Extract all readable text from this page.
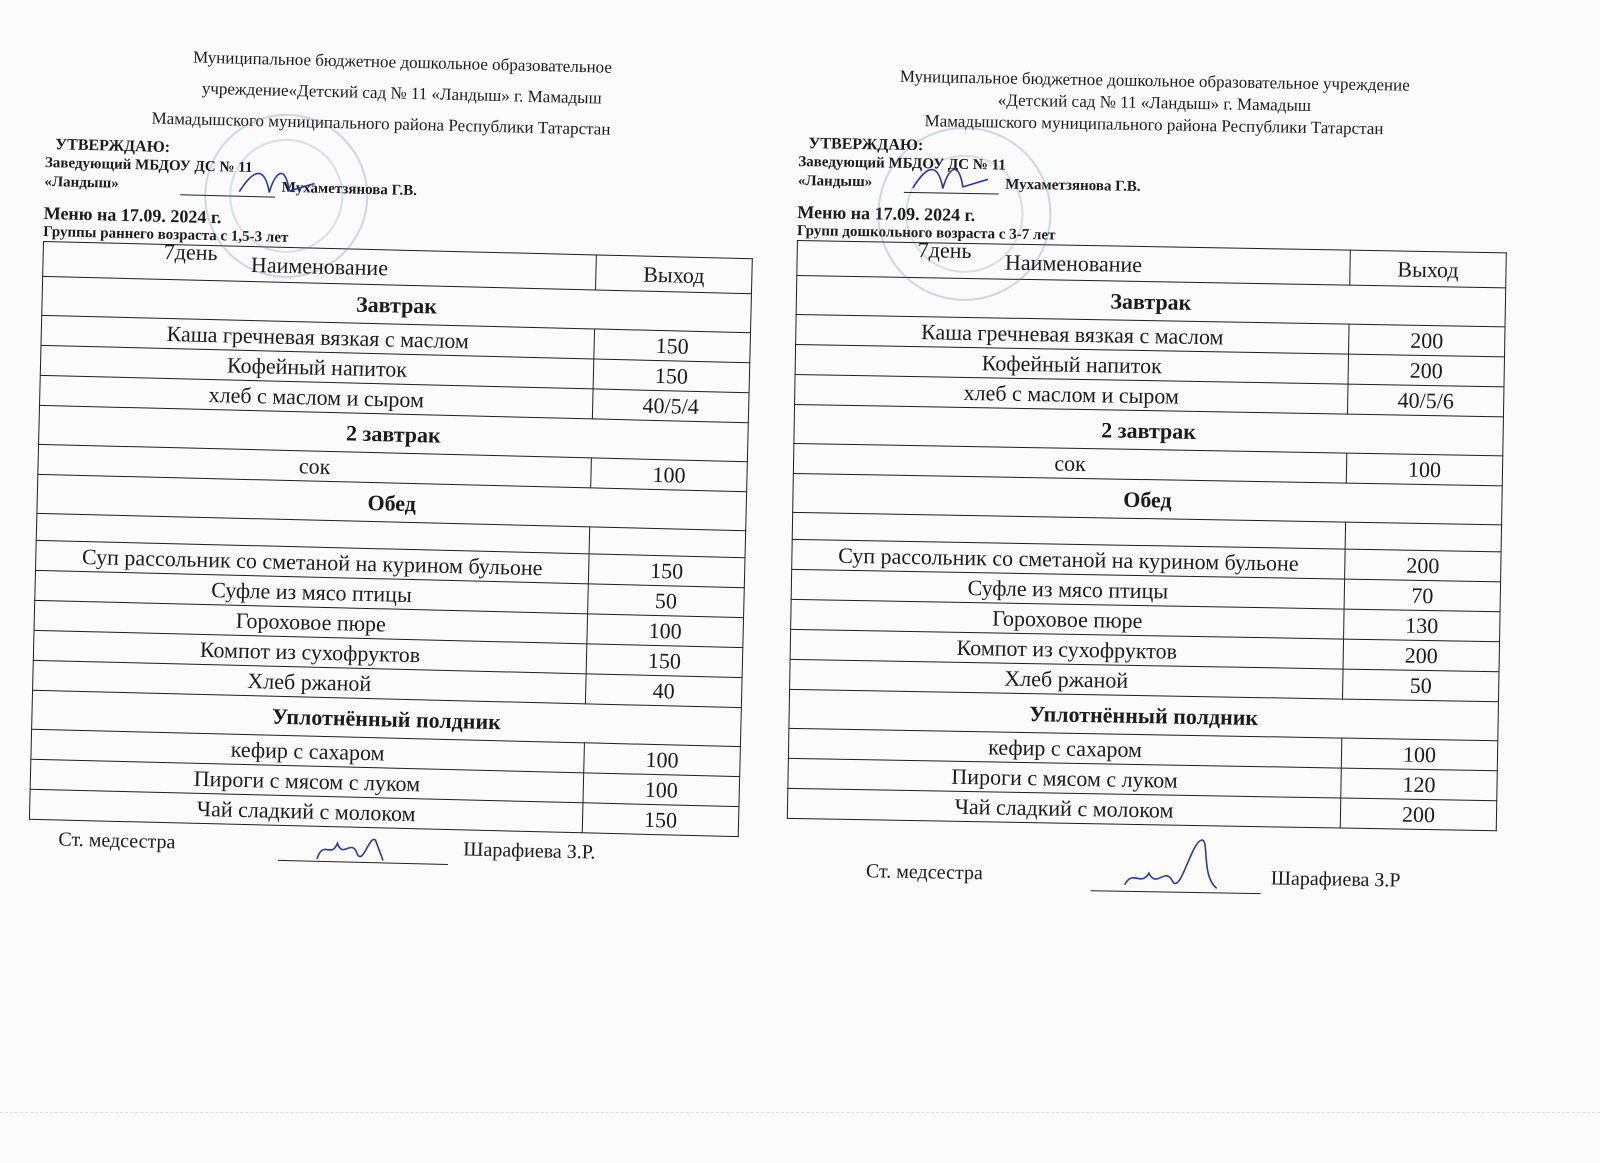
Муниципальное бюджетное дошкольное образовательное
учреждение«Детский сад № 11 «Ландыш» г. Мамадыш
Мамадышского муниципального района Республики Татарстан

УТВЕРЖДАЮ:
Заведующий МБДОУ ДС № 11
«Ландыш»	Мухаметзянова Г.В.
Меню на 17.09. 2024 г.
Группы раннего возраста с 1,5-3 лет
7день Наименование	Выход
Завтрак	
Каша гречневая вязкая с маслом	150
Кофейный напиток	150
хлеб с маслом и сыром	40/5/4
2 завтрак	
сок	100
Обед	

Суп рассольник со сметаной на курином бульоне	150
Суфле из мясо птицы	50
Гороховое пюре	100
Компот из сухофруктов	150
Хлеб ржаной	40
Уплотнённый полдник	
кефир с сахаром	100
Пироги с мясом с луком	100
Чай сладкий с молоком	150
Ст. медсестра	Шарафиева З.Р.

Муниципальное бюджетное дошкольное образовательное учреждение
«Детский сад № 11 «Ландыш» г. Мамадыш
Мамадышского муниципального района Республики Татарстан

УТВЕРЖДАЮ:
Заведующий МБДОУ ДС № 11
«Ландыш»	Мухаметзянова Г.В.
Меню на 17.09. 2024 г.
Групп дошкольного возраста с 3-7 лет
7день Наименование	Выход
Завтрак	
Каша гречневая вязкая с маслом	200
Кофейный напиток	200
хлеб с маслом и сыром	40/5/6
2 завтрак	
сок	100
Обед	

Суп рассольник со сметаной на курином бульоне	200
Суфле из мясо птицы	70
Гороховое пюре	130
Компот из сухофруктов	200
Хлеб ржаной	50
Уплотнённый полдник	
кефир с сахаром	100
Пироги с мясом с луком	120
Чай сладкий с молоком	200
Ст. медсестра	Шарафиева З.Р
